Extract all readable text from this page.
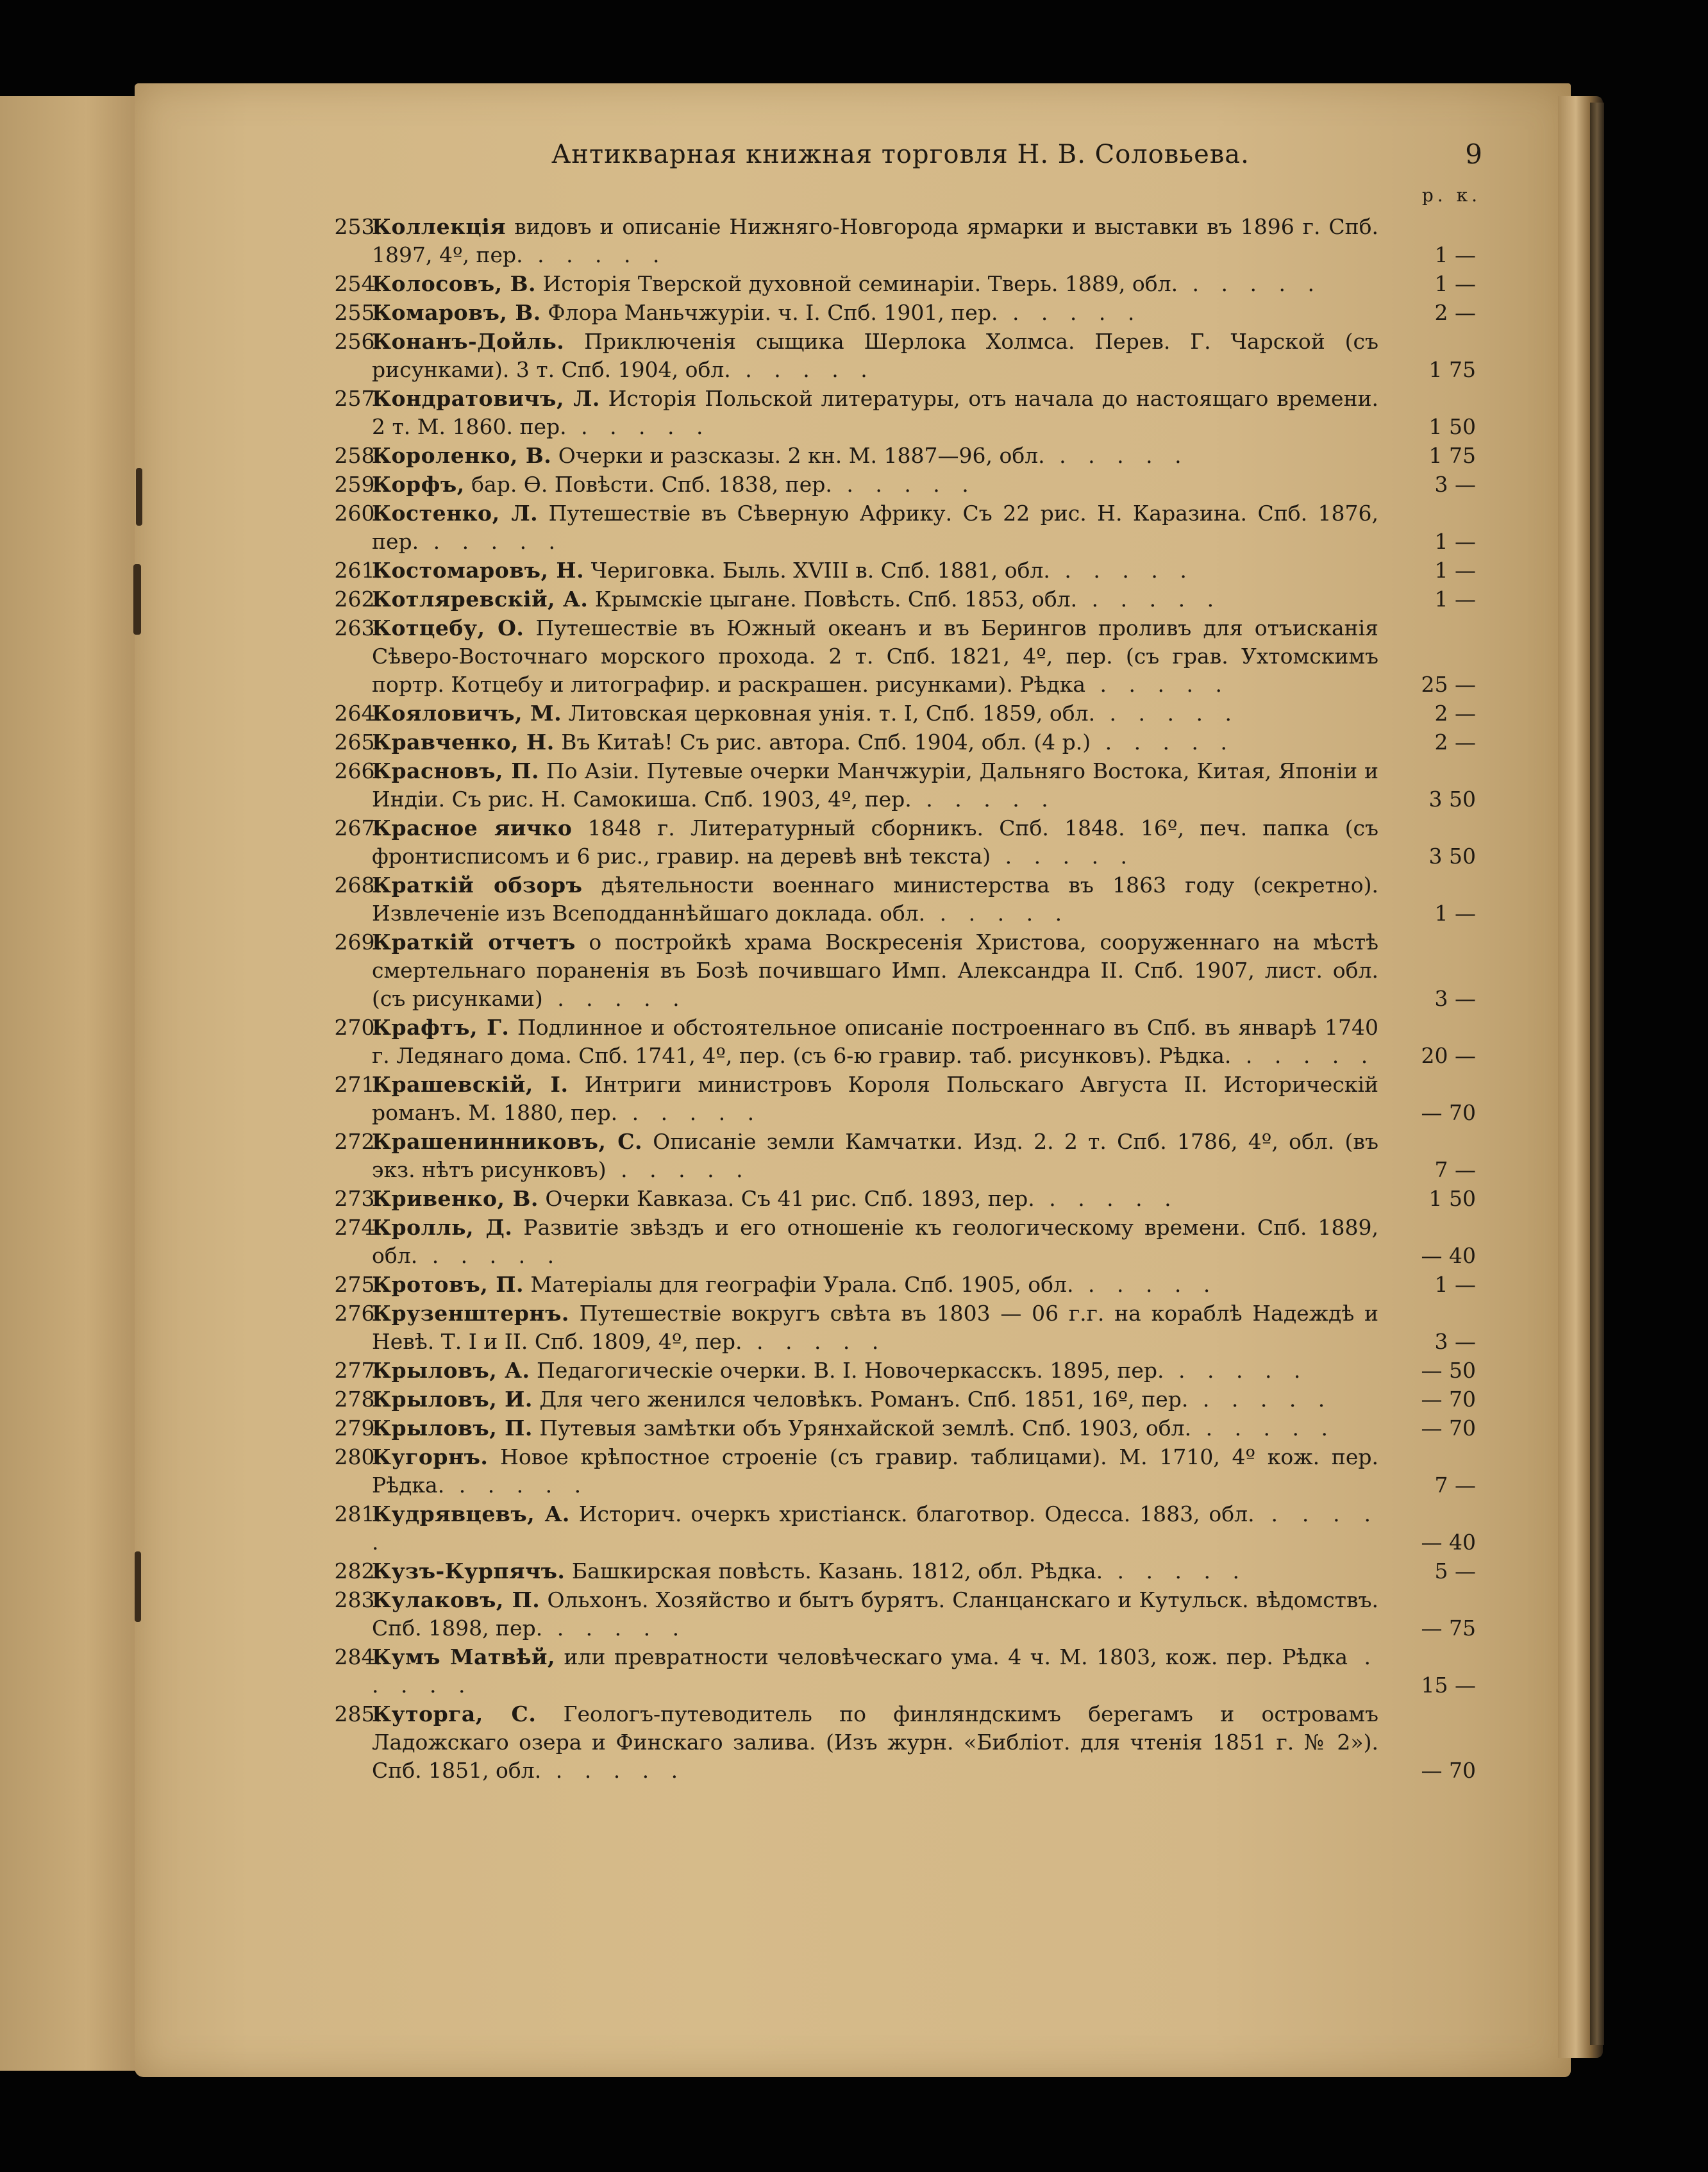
Антикварная книжная торговля Н. В. Соловьева.	9
р. к.
253.
Коллекція видовъ и описаніе Нижняго-Новгорода ярмарки и выставки въ 1896 г. Спб. 1897, 4º, пер. . . . . .	1 —
254.
Колосовъ, В. Исторія Тверской духовной семинаріи. Тверь. 1889, обл. . . . . .	1 —
255.
Комаровъ, В. Флора Маньчжуріи. ч. I. Спб. 1901, пер. . . . . .	2 —
256.
Конанъ-Дойль. Приключенія сыщика Шерлока Холмса. Перев. Г. Чарской (съ рисунками). 3 т. Спб. 1904, обл. . . . . .	1 75
257.
Кондратовичъ, Л. Исторія Польской литературы, отъ начала до настоящаго времени. 2 т. М. 1860. пер. . . . . .	1 50
258.
Короленко, В. Очерки и разсказы. 2 кн. М. 1887—96, обл. . . . . .	1 75
259.
Корфъ, бар. Ѳ. Повѣсти. Спб. 1838, пер. . . . . .	3 —
260.
Костенко, Л. Путешествіе въ Сѣверную Африку. Съ 22 рис. Н. Каразина. Спб. 1876, пер. . . . . .	1 —
261.
Костомаровъ, Н. Чериговка. Быль. XVIII в. Спб. 1881, обл. . . . . .	1 —
262.
Котляревскій, А. Крымскіе цыгане. Повѣсть. Спб. 1853, обл. . . . . .	1 —
263.
Котцебу, О. Путешествіе въ Южный океанъ и въ Берингов проливъ для отъисканія Сѣверо-Восточнаго морского прохода. 2 т. Спб. 1821, 4º, пер. (съ грав. Ухтомскимъ портр. Котцебу и литографир. и раскрашен. рисунками). Рѣдка . . . . .	25 —
264.
Кояловичъ, М. Литовская церковная унія. т. I, Спб. 1859, обл. . . . . .	2 —
265.
Кравченко, Н. Въ Китаѣ! Съ рис. автора. Спб. 1904, обл. (4 р.) . . . . .	2 —
266.
Красновъ, П. По Азіи. Путевые очерки Манчжуріи, Дальняго Востока, Китая, Японіи и Индіи. Съ рис. Н. Самокиша. Спб. 1903, 4º, пер. . . . . .	3 50
267.
Красное яичко 1848 г. Литературный сборникъ. Спб. 1848. 16º, печ. папка (съ фронтисписомъ и 6 рис., гравир. на деревѣ внѣ текста) . . . . .	3 50
268.
Краткій обзоръ дѣятельности военнаго министерства въ 1863 году (секретно). Извлеченіе изъ Всеподданнѣйшаго доклада. обл. . . . . .	1 —
269.
Краткій отчетъ о постройкѣ храма Воскресенія Христова, сооруженнаго на мѣстѣ смертельнаго пораненія въ Бозѣ почившаго Имп. Александра II. Спб. 1907, лист. обл. (съ рисунками) . . . . .	3 —
270.
Крафтъ, Г. Подлинное и обстоятельное описаніе построеннаго въ Спб. въ январѣ 1740 г. Ледянаго дома. Спб. 1741, 4º, пер. (съ 6-ю гравир. таб. рисунковъ). Рѣдка. . . . . .	20 —
271.
Крашевскій, І. Интриги министровъ Короля Польскаго Августа II. Историческій романъ. М. 1880, пер. . . . . .	— 70
272.
Крашенинниковъ, С. Описаніе земли Камчатки. Изд. 2. 2 т. Спб. 1786, 4º, обл. (въ экз. нѣтъ рисунковъ) . . . . .	7 —
273.
Кривенко, В. Очерки Кавказа. Съ 41 рис. Спб. 1893, пер. . . . . .	1 50
274.
Кролль, Д. Развитіе звѣздъ и его отношеніе къ геологическому времени. Спб. 1889, обл. . . . . .	— 40
275.
Кротовъ, П. Матеріалы для географіи Урала. Спб. 1905, обл. . . . . .	1 —
276.
Крузенштернъ. Путешествіе вокругъ свѣта въ 1803 — 06 г.г. на кораблѣ Надеждѣ и Невѣ. Т. I и II. Спб. 1809, 4º, пер. . . . . .	3 —
277.
Крыловъ, А. Педагогическіе очерки. В. І. Новочеркасскъ. 1895, пер. . . . . .	— 50
278.
Крыловъ, И. Для чего женился человѣкъ. Романъ. Спб. 1851, 16º, пер. . . . . .	— 70
279.
Крыловъ, П. Путевыя замѣтки объ Урянхайской землѣ. Спб. 1903, обл. . . . . .	— 70
280.
Кугорнъ. Новое крѣпостное строеніе (съ гравир. таблицами). М. 1710, 4º кож. пер. Рѣдка. . . . . .	7 —
281.
Кудрявцевъ, А. Историч. очеркъ христіанск. благотвор. Одесса. 1883, обл. . . . . .	— 40
282.
Кузъ-Курпячъ. Башкирская повѣсть. Казань. 1812, обл. Рѣдка. . . . . .	5 —
283.
Кулаковъ, П. Ольхонъ. Хозяйство и бытъ бурятъ. Сланцанскаго и Кутульск. вѣдомствъ. Спб. 1898, пер. . . . . .	— 75
284.
Кумъ Матвѣй, или превратности человѣческаго ума. 4 ч. М. 1803, кож. пер. Рѣдка . . . . .	15 —
285.
Куторга, С. Геологъ-путеводитель по финляндскимъ берегамъ и островамъ Ладожскаго озера и Финскаго залива. (Изъ журн. «Библіот. для чтенія 1851 г. № 2»). Спб. 1851, обл. . . . . .	— 70
